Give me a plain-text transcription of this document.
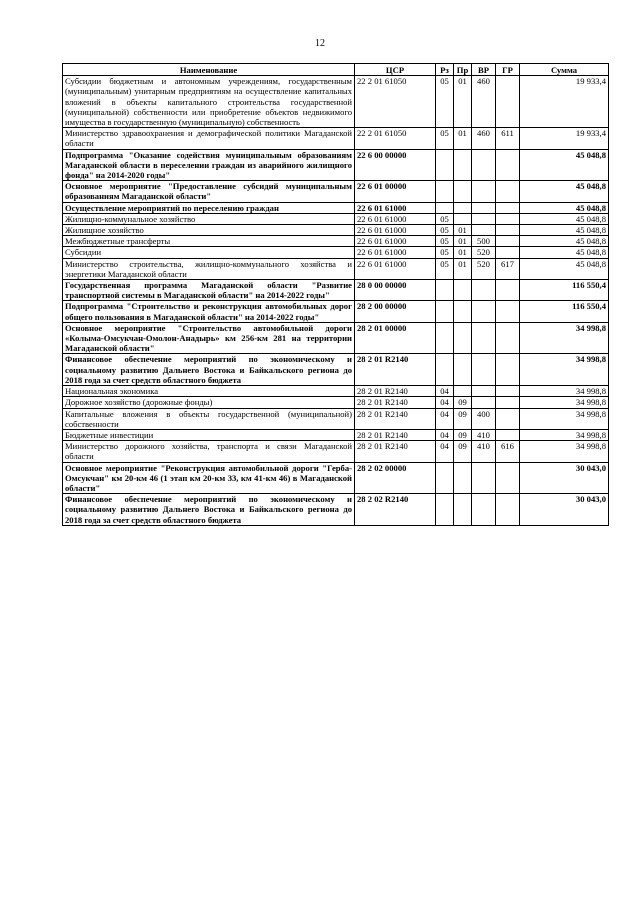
12
Наименование	ЦСР	Рз	Пр	ВР	ГР	Сумма
Субсидии бюджетным и автономным учреждениям, государственным (муниципальным) унитарным предприятиям на осуществление капитальных вложений в объекты капитального строительства государственной (муниципальной) собственности или приобретение объектов недвижимого имущества в государственную (муниципальную) собственность	22 2 01 61050	05	01	460		19 933,4
Министерство здравоохранения и демографической политики Магаданской области	22 2 01 61050	05	01	460	611	19 933,4
Подпрограмма "Оказание содействия муниципальным образованиям Магаданской области в переселении граждан из аварийного жилищного фонда" на 2014-2020 годы"	22 6 00 00000					45 048,8
Основное мероприятие "Предоставление субсидий муниципальным образованиям Магаданской области"	22 6 01 00000					45 048,8
Осуществление мероприятий по переселению граждан	22 6 01 61000					45 048,8
Жилищно-коммунальное хозяйство	22 6 01 61000	05				45 048,8
Жилищное хозяйство	22 6 01 61000	05	01			45 048,8
Межбюджетные трансферты	22 6 01 61000	05	01	500		45 048,8
Субсидии	22 6 01 61000	05	01	520		45 048,8
Министерство строительства, жилищно-коммунального хозяйства и энергетики Магаданской области	22 6 01 61000	05	01	520	617	45 048,8
Государственная программа Магаданской области "Развитие транспортной системы в Магаданской области" на 2014-2022 годы"	28 0 00 00000					116 550,4
Подпрограмма "Строительство и реконструкция автомобильных дорог общего пользования в Магаданской области" на 2014-2022 годы"	28 2 00 00000					116 550,4
Основное мероприятие "Строительство автомобильной дороги «Колыма-Омсукчан-Омолон-Анадырь» км 256-км 281 на территории Магаданской области"	28 2 01 00000					34 998,8
Финансовое обеспечение мероприятий по экономическому и социальному развитию Дальнего Востока и Байкальского региона до 2018 года за счет средств областного бюджета	28 2 01 R2140					34 998,8
Национальная экономика	28 2 01 R2140	04				34 998,8
Дорожное хозяйство (дорожные фонды)	28 2 01 R2140	04	09			34 998,8
Капитальные вложения в объекты государственной (муниципальной) собственности	28 2 01 R2140	04	09	400		34 998,8
Бюджетные инвестиции	28 2 01 R2140	04	09	410		34 998,8
Министерство дорожного хозяйства, транспорта и связи Магаданской области	28 2 01 R2140	04	09	410	616	34 998,8
Основное мероприятие "Реконструкция автомобильной дороги "Герба-Омсукчан" км 20-км 46 (1 этап км 20-км 33, км 41-км 46) в Магаданской области"	28 2 02 00000					30 043,0
Финансовое обеспечение мероприятий по экономическому и социальному развитию Дальнего Востока и Байкальского региона до 2018 года за счет средств областного бюджета	28 2 02 R2140					30 043,0
